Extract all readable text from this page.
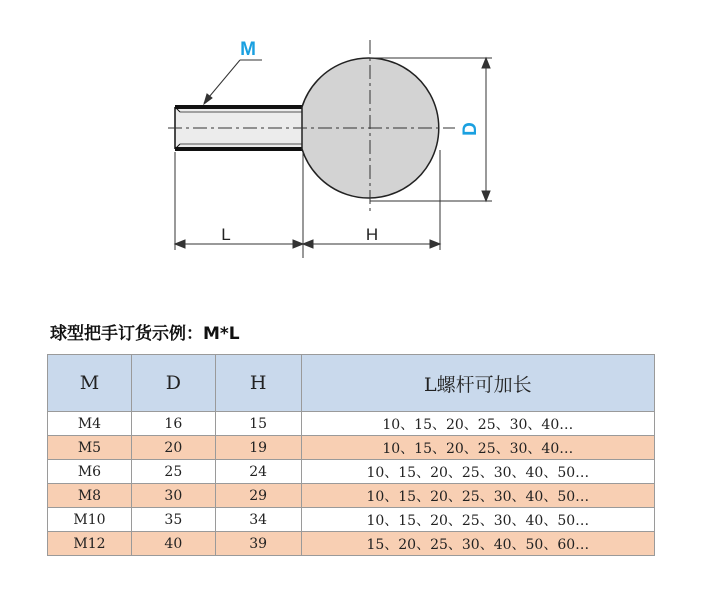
D
M
L	H
球型把手订货示例：M*L
M	D	H	L螺杆可加长
M4	16	15	10、15、20、25、30、40…
M5	20	19	10、15、20、25、30、40…
M6	25	24	10、15、20、25、30、40、50…
M8	30	29	10、15、20、25、30、40、50…
M10	35	34	10、15、20、25、30、40、50…
M12	40	39	15、20、25、30、40、50、60…
